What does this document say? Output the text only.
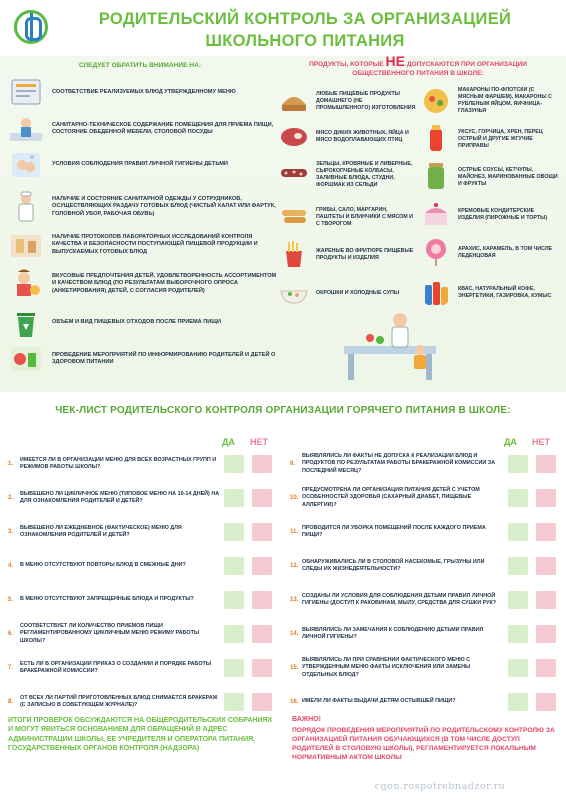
РОДИТЕЛЬСКИЙ КОНТРОЛЬ ЗА ОРГАНИЗАЦИЕЙ ШКОЛЬНОГО ПИТАНИЯ
СЛЕДУЕТ ОБРАТИТЬ ВНИМАНИЕ НА:	ПРОДУКТЫ, КОТОРЫЕ НЕ ДОПУСКАЮТСЯ ПРИ ОРГАНИЗАЦИИ ОБЩЕСТВЕННОГО ПИТАНИЯ В ШКОЛЕ:
СООТВЕТСТВИЕ РЕАЛИЗУЕМЫХ БЛЮД УТВЕРЖДЕННОМУ МЕНЮ
САНИТАРНО-ТЕХНИЧЕСКОЕ СОДЕРЖАНИЕ ПОМЕЩЕНИЯ ДЛЯ ПРИЕМА ПИЩИ, СОСТОЯНИЕ ОБЕДЕННОЙ МЕБЕЛИ, СТОЛОВОЙ ПОСУДЫ
УСЛОВИЯ СОБЛЮДЕНИЯ ПРАВИЛ ЛИЧНОЙ ГИГИЕНЫ ДЕТЬМИ
НАЛИЧИЕ И СОСТОЯНИЕ САНИТАРНОЙ ОДЕЖДЫ У СОТРУДНИКОВ, ОСУЩЕСТВЛЯЮЩИХ РАЗДАЧУ ГОТОВЫХ БЛЮД (ЧИСТЫЙ ХАЛАТ ИЛИ ФАРТУК, ГОЛОВНОЙ УБОР, РАБОЧАЯ ОБУВЬ)
НАЛИЧИЕ ПРОТОКОЛОВ ЛАБОРАТОРНЫХ ИССЛЕДОВАНИЙ КОНТРОЛЯ КАЧЕСТВА И БЕЗОПАСНОСТИ ПОСТУПАЮЩЕЙ ПИЩЕВОЙ ПРОДУКЦИИ И ВЫПУСКАЕМЫХ ГОТОВЫХ БЛЮД
ВКУСОВЫЕ ПРЕДПОЧТЕНИЯ ДЕТЕЙ, УДОВЛЕТВОРЕННОСТЬ АССОРТИМЕНТОМ И КАЧЕСТВОМ БЛЮД (ПО РЕЗУЛЬТАТАМ ВЫБОРОЧНОГО ОПРОСА (АНКЕТИРОВАНИЯ) ДЕТЕЙ, С СОГЛАСИЯ РОДИТЕЛЕЙ)
ОБЪЕМ И ВИД ПИЩЕВЫХ ОТХОДОВ ПОСЛЕ ПРИЕМА ПИЩИ
ПРОВЕДЕНИЕ МЕРОПРИЯТИЙ ПО ИНФОРМИРОВАНИЮ РОДИТЕЛЕЙ И ДЕТЕЙ О ЗДОРОВОМ ПИТАНИИ
ЛЮБЫЕ ПИЩЕВЫЕ ПРОДУКТЫ ДОМАШНЕГО (НЕ ПРОМЫШЛЕННОГО) ИЗГОТОВЛЕНИЯ
МЯСО ДИКИХ ЖИВОТНЫХ, ЯЙЦА И МЯСО ВОДОПЛАВАЮЩИХ ПТИЦ
ЗЕЛЬЦЫ, КРОВЯНЫЕ И ЛИВЕРНЫЕ, СЫРОКОПЧЕНЫЕ КОЛБАСЫ, ЗАЛИВНЫЕ БЛЮДА, СТУДНИ, ФОРШМАК ИЗ СЕЛЬДИ
ГРИБЫ, САЛО, МАРГАРИН, ПАШТЕТЫ И БЛИНЧИКИ С МЯСОМ И С ТВОРОГОМ
ЖАРЕНЫЕ ВО ФРИТЮРЕ ПИЩЕВЫЕ ПРОДУКТЫ И ИЗДЕЛИЯ
ОКРОШКИ И ХОЛОДНЫЕ СУПЫ
МАКАРОНЫ ПО-ФЛОТСКИ (С МЯСНЫМ ФАРШЕМ), МАКАРОНЫ С РУБЛЕНЫМ ЯЙЦОМ, ЯИЧНИЦА-ГЛАЗУНЬЯ
УКСУС, ГОРЧИЦА, ХРЕН, ПЕРЕЦ ОСТРЫЙ И ДРУГИЕ ЖГУЧИЕ ПРИПРАВЫ
ОСТРЫЕ СОУСЫ, КЕТЧУПЫ, МАЙОНЕЗ, МАРИНОВАННЫЕ ОВОЩИ И ФРУКТЫ
КРЕМОВЫЕ КОНДИТЕРСКИЕ ИЗДЕЛИЯ (ПИРОЖНЫЕ И ТОРТЫ)
АРАХИС, КАРАМЕЛЬ, В ТОМ ЧИСЛЕ ЛЕДЕНЦОВАЯ
КВАС, НАТУРАЛЬНЫЙ КОФЕ, ЭНЕРГЕТИКИ, ГАЗИРОВКА, КУМЫС
ЧЕК-ЛИСТ РОДИТЕЛЬСКОГО КОНТРОЛЯ ОРГАНИЗАЦИИ ГОРЯЧЕГО ПИТАНИЯ В ШКОЛЕ:
ДА НЕТ	ДА НЕТ
1.
ИМЕЕТСЯ ЛИ В ОРГАНИЗАЦИИ МЕНЮ ДЛЯ ВСЕХ ВОЗРАСТНЫХ ГРУПП И РЕЖИМОВ РАБОТЫ ШКОЛЫ?
2.
ВЫВЕШЕНО ЛИ ЦИКЛИЧНОЕ МЕНЮ (ТИПОВОЕ МЕНЮ НА 10-14 ДНЕЙ) НА ДЛЯ ОЗНАКОМЛЕНИЯ РОДИТЕЛЕЙ И ДЕТЕЙ?
3.
ВЫВЕШЕНО ЛИ ЕЖЕДНЕВНОЕ (ФАКТИЧЕСКОЕ) МЕНЮ ДЛЯ ОЗНАКОМЛЕНИЯ РОДИТЕЛЕЙ И ДЕТЕЙ?
4. В МЕНЮ ОТСУТСТВУЮТ ПОВТОРЫ БЛЮД В СМЕЖНЫЕ ДНИ?
5. В МЕНЮ ОТСУТСТВУЮТ ЗАПРЕЩЕННЫЕ БЛЮДА И ПРОДУКТЫ?
6.
СООТВЕТСТВУЕТ ЛИ КОЛИЧЕСТВО ПРИЕМОВ ПИЩИ РЕГЛАМЕНТИРОВАННОМУ ЦИКЛИЧНЫМ МЕНЮ РЕЖИМУ РАБОТЫ ШКОЛЫ?
7.
ЕСТЬ ЛИ В ОРГАНИЗАЦИИ ПРИКАЗ О СОЗДАНИИ И ПОРЯДКЕ РАБОТЫ БРАКЕРАЖНОЙ КОМИССИИ?
8.
ОТ ВСЕХ ЛИ ПАРТИЙ ПРИГОТОВЛЕННЫХ БЛЮД СНИМАЕТСЯ БРАКЕРАЖ (С ЗАПИСЬЮ В СОВЕТУЮЩЕМ ЖУРНАЛЕ)?
9.
ВЫЯВЛЯЛИСЬ ЛИ ФАКТЫ НЕ ДОПУСКА К РЕАЛИЗАЦИИ БЛЮД И ПРОДУКТОВ ПО РЕЗУЛЬТАТАМ РАБОТЫ БРАКЕРАЖНОЙ КОМИССИИ ЗА ПОСЛЕДНИЙ МЕСЯЦ?
10.
ПРЕДУСМОТРЕНА ЛИ ОРГАНИЗАЦИЯ ПИТАНИЯ ДЕТЕЙ С УЧЕТОМ ОСОБЕННОСТЕЙ ЗДОРОВЬЯ (САХАРНЫЙ ДИАБЕТ, ПИЩЕВЫЕ АЛЛЕРГИИ)?
11.
ПРОВОДИТСЯ ЛИ УБОРКА ПОМЕЩЕНИЙ ПОСЛЕ КАЖДОГО ПРИЕМА ПИЩИ?
12.
ОБНАРУЖИВАЛИСЬ ЛИ В СТОЛОВОЙ НАСЕКОМЫЕ, ГРЫЗУНЫ ИЛИ СЛЕДЫ ИХ ЖИЗНЕДЕЯТЕЛЬНОСТИ?
13.
СОЗДАНЫ ЛИ УСЛОВИЯ ДЛЯ СОБЛЮДЕНИЯ ДЕТЬМИ ПРАВИЛ ЛИЧНОЙ ГИГИЕНЫ (ДОСТУП К РАКОВИНАМ, МЫЛУ, СРЕДСТВА ДЛЯ СУШКИ РУК?
14.
ВЫЯВЛЯЛИСЬ ЛИ ЗАМЕЧАНИЯ К СОБЛЮДЕНИЮ ДЕТЬМИ ПРАВИЛ ЛИЧНОЙ ГИГИЕНЫ?
15.
ВЫЯВЛЯЛИСЬ ЛИ ПРИ СРАВНЕНИИ ФАКТИЧЕСКОГО МЕНЮ С УТВЕРЖДЕННЫМ МЕНЮ ФАКТЫ ИСКЛЮЧЕНИЯ ИЛИ ЗАМЕНЫ ОТДЕЛЬНЫХ БЛЮД?
16. ИМЕЛИ ЛИ ФАКТЫ ВЫДАЧИ ДЕТЯМ ОСТЫВШЕЙ ПИЩИ?
ИТОГИ ПРОВЕРОК ОБСУЖДАЮТСЯ НА ОБЩЕРОДИТЕЛЬСКИХ СОБРАНИЯХ И МОГУТ ЯВИТЬСЯ ОСНОВАНИЕМ ДЛЯ ОБРАЩЕНИЙ В АДРЕС АДМИНИСТРАЦИИ ШКОЛЫ, ЕЕ УЧРЕДИТЕЛЯ И ОПЕРАТОРА ПИТАНИЯ, ГОСУДАРСТВЕННЫХ ОРГАНОВ КОНТРОЛЯ (НАДЗОРА)
ВАЖНО!
ПОРЯДОК ПРОВЕДЕНИЯ МЕРОПРИЯТИЙ ПО РОДИТЕЛЬСКОМУ КОНТРОЛЮ ЗА ОРГАНИЗАЦИЕЙ ПИТАНИЯ ОБУЧАЮЩИХСЯ (В ТОМ ЧИСЛЕ ДОСТУП РОДИТЕЛЕЙ В СТОЛОВУЮ ШКОЛЫ), РЕГЛАМЕНТИРУЕТСЯ ЛОКАЛЬНЫМ НОРМАТИВНЫМ АКТОМ ШКОЛЫ
cgon.rospotrebnadzor.ru
